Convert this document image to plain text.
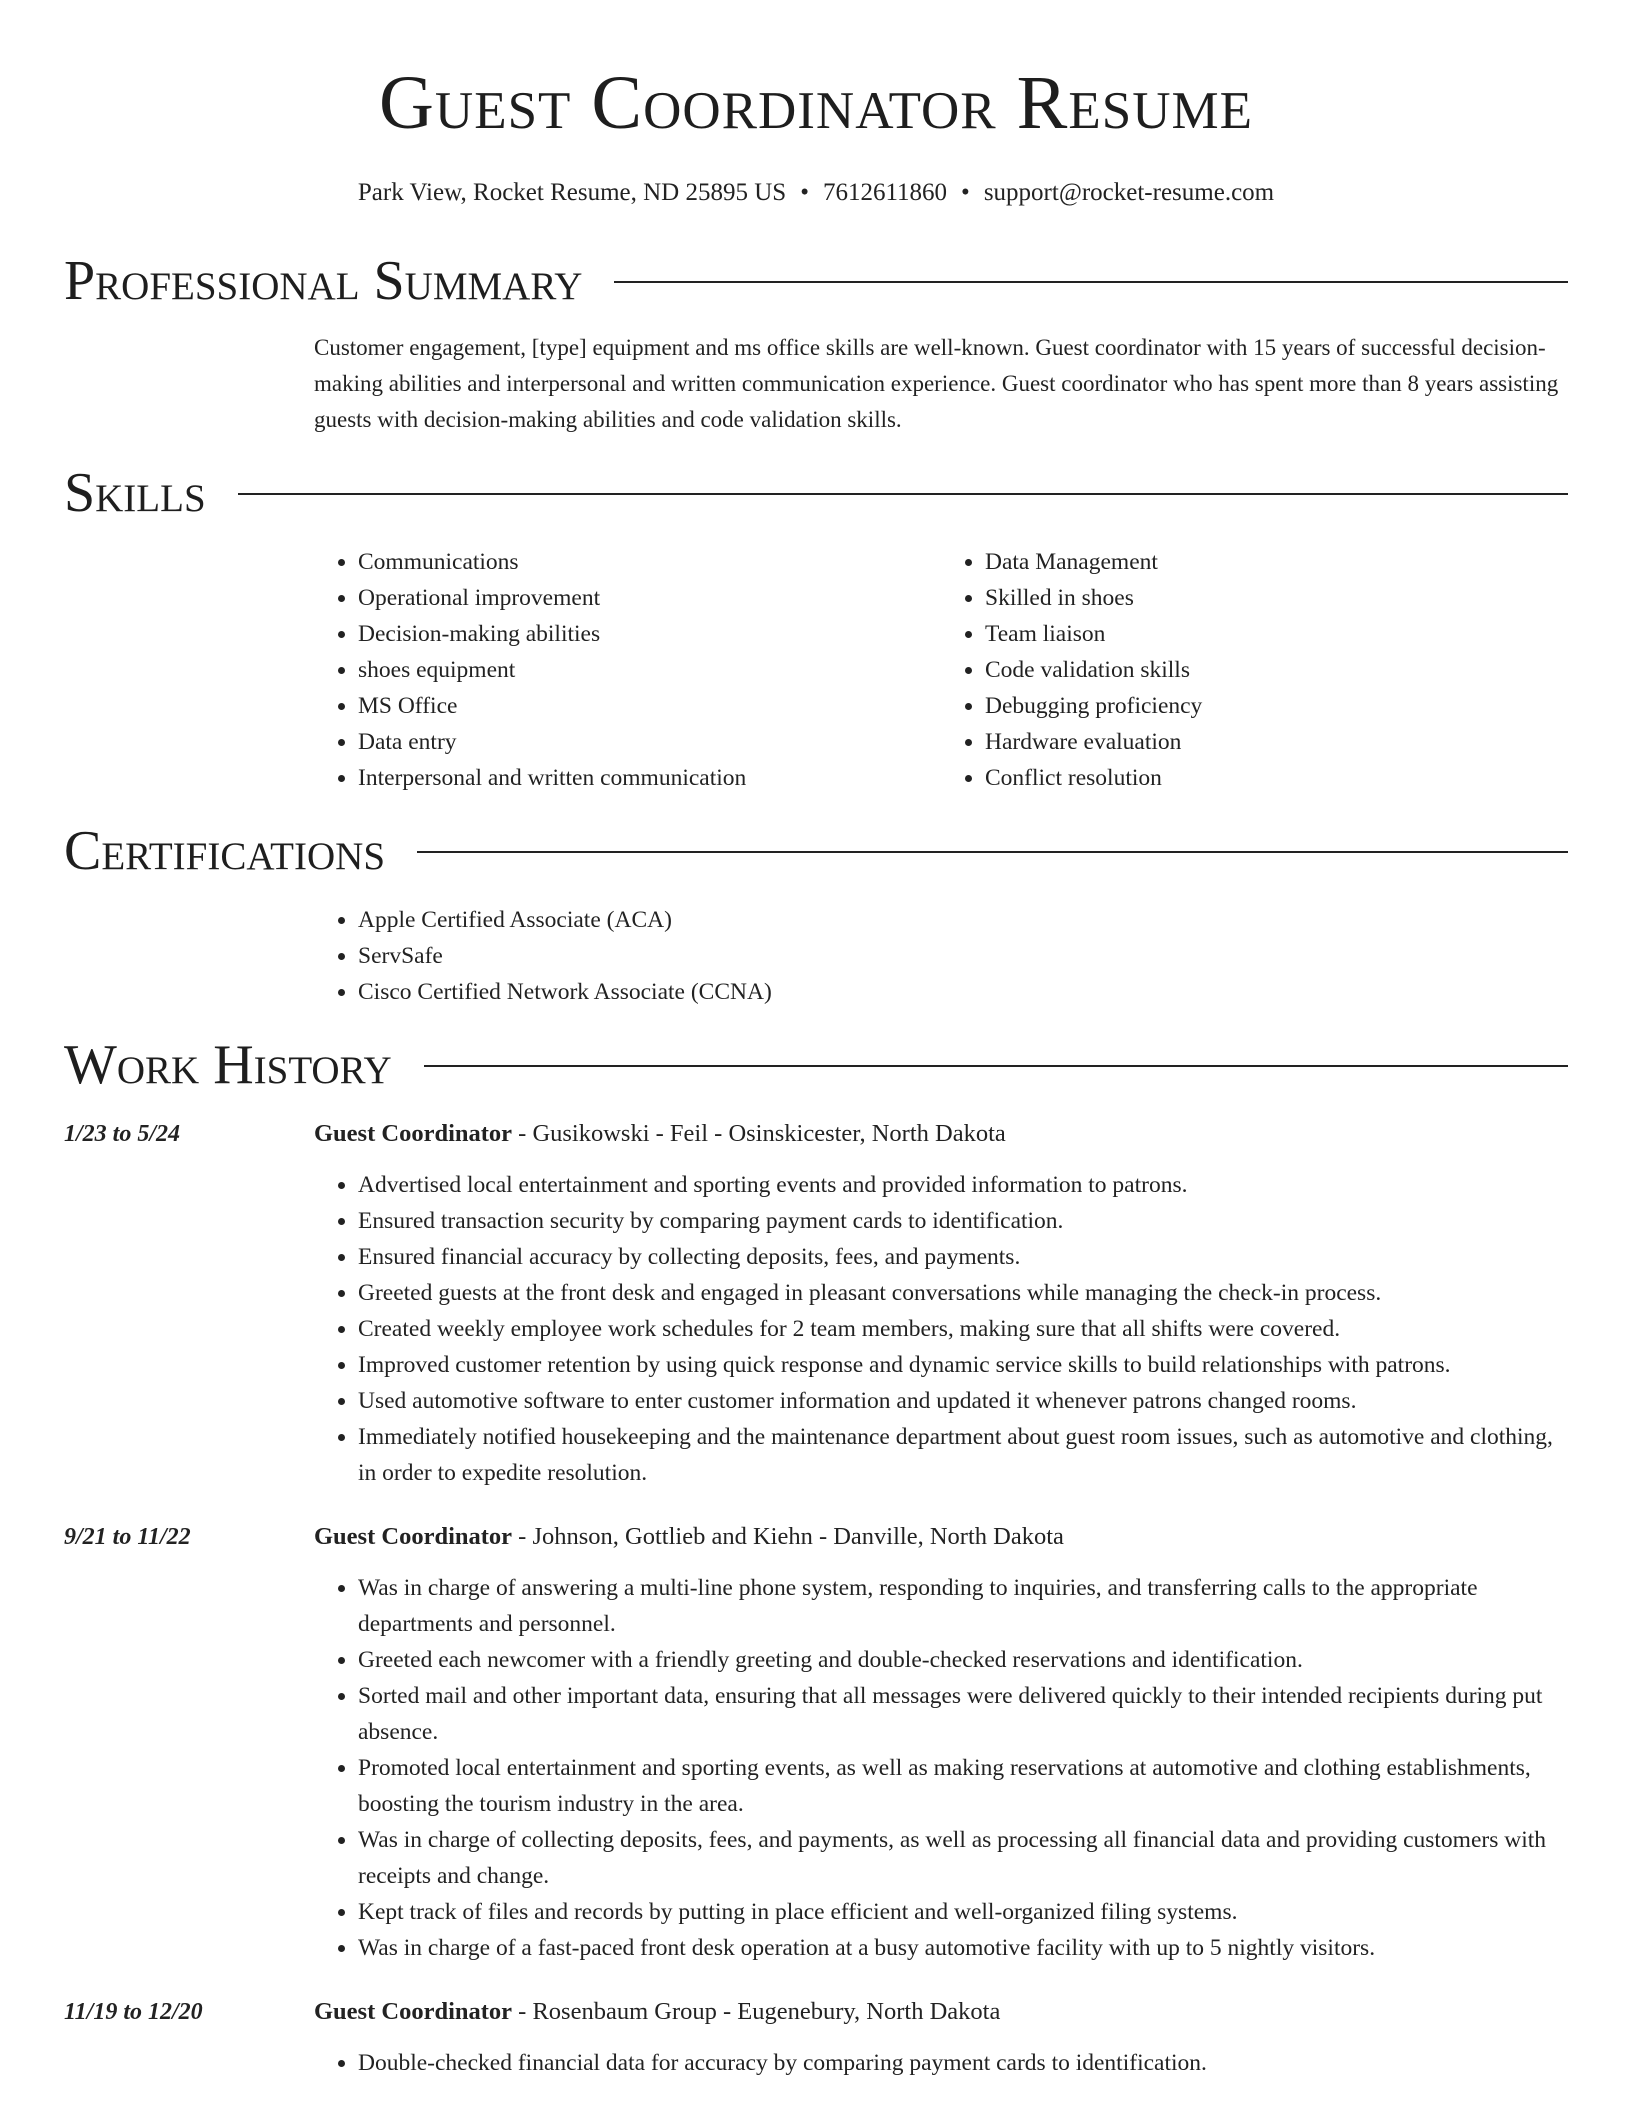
Guest Coordinator Resume
Park View, Rocket Resume, ND 25895 US • 7612611860 • support@rocket-resume.com
Professional Summary
Customer engagement, [type] equipment and ms office skills are well-known. Guest coordinator with 15 years of successful decision-making abilities and interpersonal and written communication experience. Guest coordinator who has spent more than 8 years assisting guests with decision-making abilities and code validation skills.
Skills
• Communications
• Operational improvement
• Decision-making abilities
• shoes equipment
• MS Office
• Data entry
• Interpersonal and written communication
• Data Management
• Skilled in shoes
• Team liaison
• Code validation skills
• Debugging proficiency
• Hardware evaluation
• Conflict resolution
Certifications
• Apple Certified Associate (ACA)
• ServSafe
• Cisco Certified Network Associate (CCNA)
Work History
1/23 to 5/24	Guest Coordinator - Gusikowski - Feil - Osinskicester, North Dakota
• Advertised local entertainment and sporting events and provided information to patrons.
• Ensured transaction security by comparing payment cards to identification.
• Ensured financial accuracy by collecting deposits, fees, and payments.
• Greeted guests at the front desk and engaged in pleasant conversations while managing the check-in process.
• Created weekly employee work schedules for 2 team members, making sure that all shifts were covered.
• Improved customer retention by using quick response and dynamic service skills to build relationships with patrons.
• Used automotive software to enter customer information and updated it whenever patrons changed rooms.
• Immediately notified housekeeping and the maintenance department about guest room issues, such as automotive and clothing, in order to expedite resolution.
9/21 to 11/22	Guest Coordinator - Johnson, Gottlieb and Kiehn - Danville, North Dakota
• Was in charge of answering a multi-line phone system, responding to inquiries, and transferring calls to the appropriate departments and personnel.
• Greeted each newcomer with a friendly greeting and double-checked reservations and identification.
• Sorted mail and other important data, ensuring that all messages were delivered quickly to their intended recipients during put absence.
• Promoted local entertainment and sporting events, as well as making reservations at automotive and clothing establishments, boosting the tourism industry in the area.
• Was in charge of collecting deposits, fees, and payments, as well as processing all financial data and providing customers with receipts and change.
• Kept track of files and records by putting in place efficient and well-organized filing systems.
• Was in charge of a fast-paced front desk operation at a busy automotive facility with up to 5 nightly visitors.
11/19 to 12/20	Guest Coordinator - Rosenbaum Group - Eugenebury, North Dakota
• Double-checked financial data for accuracy by comparing payment cards to identification.
